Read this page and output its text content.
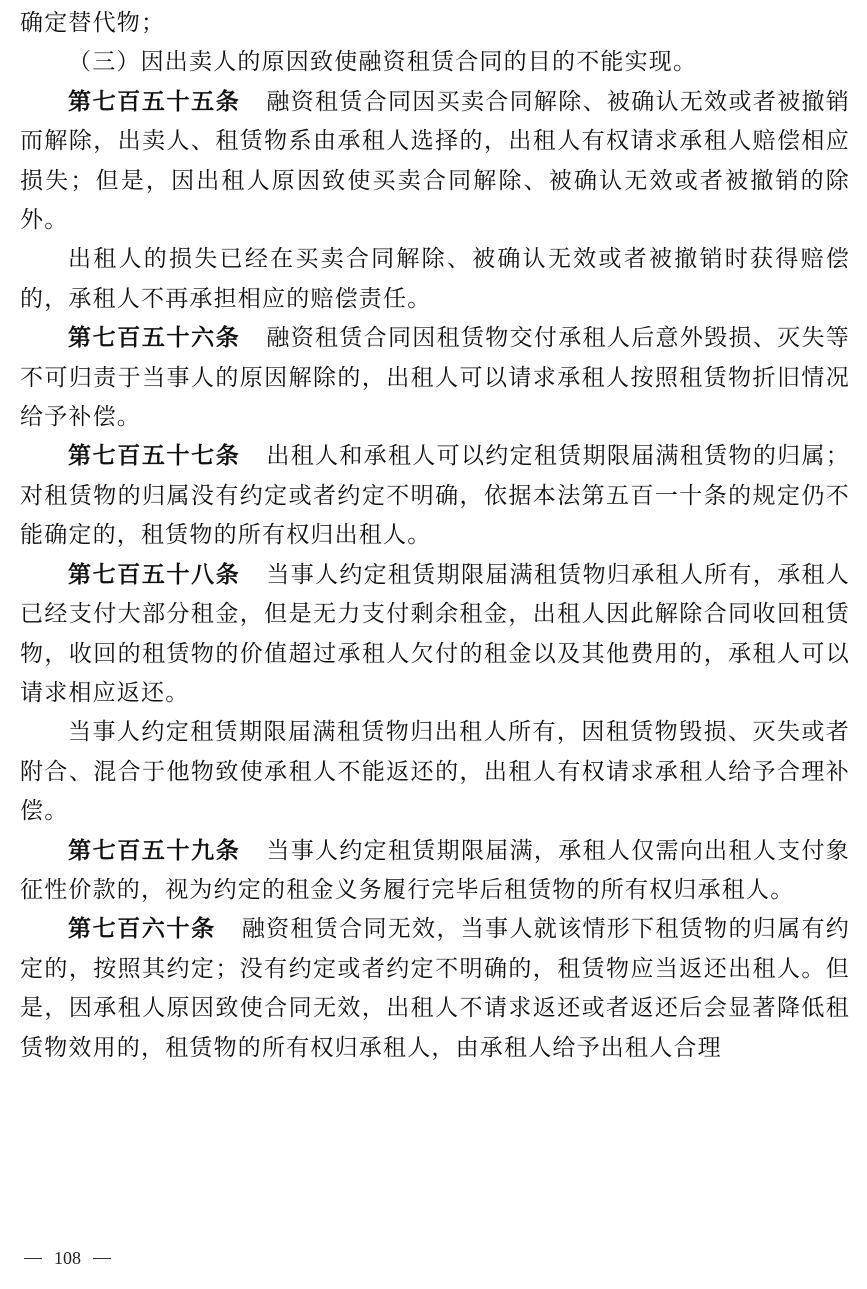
确定替代物；

（三）因出卖人的原因致使融资租赁合同的目的不能实现。

第七百五十五条 融资租赁合同因买卖合同解除、被确认无效或者被撤销而解除，出卖人、租赁物系由承租人选择的，出租人有权请求承租人赔偿相应损失；但是，因出租人原因致使买卖合同解除、被确认无效或者被撤销的除外。

出租人的损失已经在买卖合同解除、被确认无效或者被撤销时获得赔偿的，承租人不再承担相应的赔偿责任。

第七百五十六条 融资租赁合同因租赁物交付承租人后意外毁损、灭失等不可归责于当事人的原因解除的，出租人可以请求承租人按照租赁物折旧情况给予补偿。

第七百五十七条 出租人和承租人可以约定租赁期限届满租赁物的归属；对租赁物的归属没有约定或者约定不明确，依据本法第五百一十条的规定仍不能确定的，租赁物的所有权归出租人。

第七百五十八条 当事人约定租赁期限届满租赁物归承租人所有，承租人已经支付大部分租金，但是无力支付剩余租金，出租人因此解除合同收回租赁物，收回的租赁物的价值超过承租人欠付的租金以及其他费用的，承租人可以请求相应返还。

当事人约定租赁期限届满租赁物归出租人所有，因租赁物毁损、灭失或者附合、混合于他物致使承租人不能返还的，出租人有权请求承租人给予合理补偿。

第七百五十九条 当事人约定租赁期限届满，承租人仅需向出租人支付象征性价款的，视为约定的租金义务履行完毕后租赁物的所有权归承租人。

第七百六十条 融资租赁合同无效，当事人就该情形下租赁物的归属有约定的，按照其约定；没有约定或者约定不明确的，租赁物应当返还出租人。但是，因承租人原因致使合同无效，出租人不请求返还或者返还后会显著降低租赁物效用的，租赁物的所有权归承租人，由承租人给予出租人合理

108
